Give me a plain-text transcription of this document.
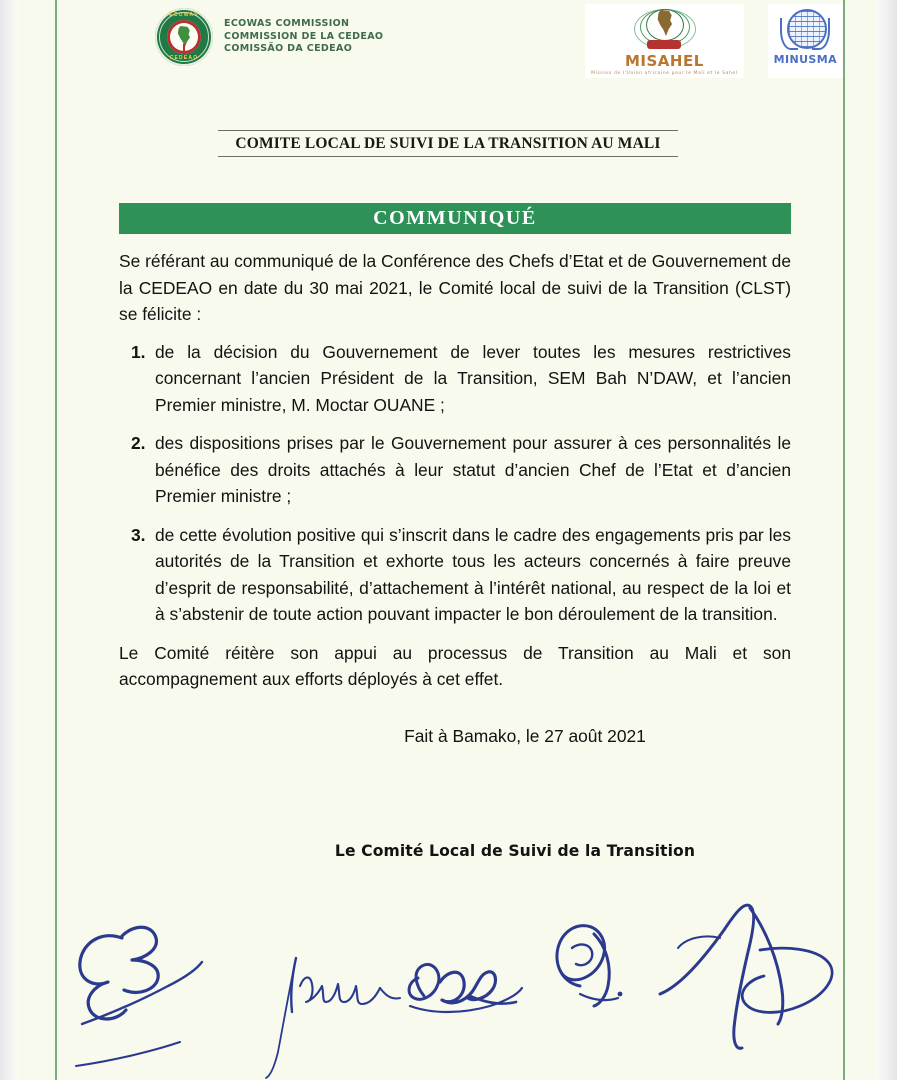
ECOWAS
CEDEAO
ECOWAS COMMISSION
COMMISSION DE LA CEDEAO
COMISSÃO DA CEDEAO
MISAHEL
Mission de l'Union africaine pour le Mali et le Sahel
MINUSMA
COMITE LOCAL DE SUIVI DE LA TRANSITION AU MALI
COMMUNIQUÉ

Se référant au communiqué de la Conférence des Chefs d’Etat et de Gouvernement de la CEDEAO en date du 30 mai 2021, le Comité local de suivi de la Transition (CLST) se félicite :

de la décision du Gouvernement de lever toutes les mesures restrictives concernant l’ancien Président de la Transition, SEM Bah N’DAW, et l’ancien Premier ministre, M. Moctar OUANE ;
des dispositions prises par le Gouvernement pour assurer à ces personnalités le bénéfice des droits attachés à leur statut d’ancien Chef de l’Etat et d’ancien Premier ministre ;
de cette évolution positive qui s’inscrit dans le cadre des engagements pris par les autorités de la Transition et exhorte tous les acteurs concernés à faire preuve d’esprit de responsabilité, d’attachement à l’intérêt national, au respect de la loi et à s’abstenir de toute action pouvant impacter le bon déroulement de la transition.

Le Comité réitère son appui au processus de Transition au Mali et son accompagnement aux efforts déployés à cet effet.

Fait à Bamako, le 27 août 2021
Le Comité Local de Suivi de la Transition
